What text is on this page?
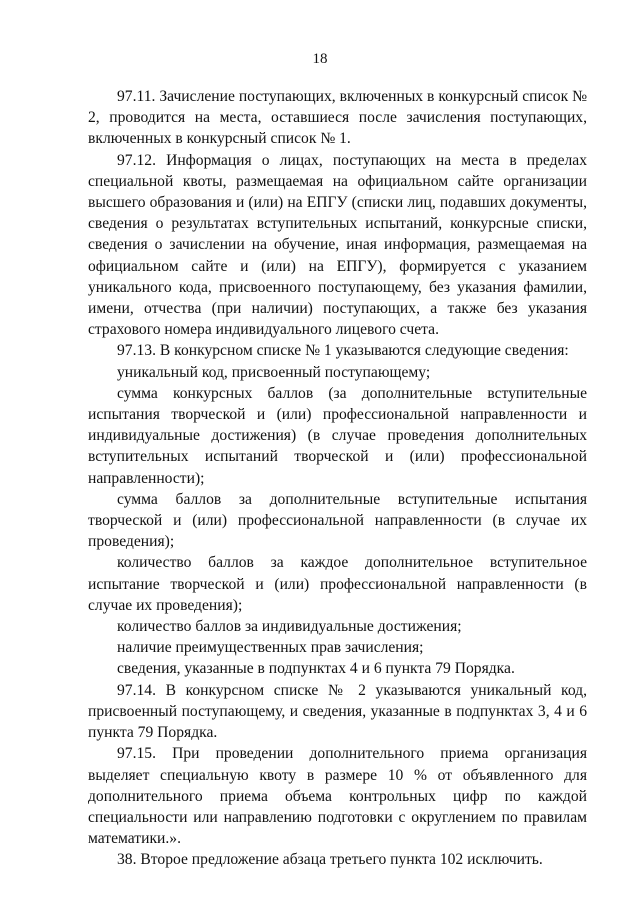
18

97.11. Зачисление поступающих, включенных в конкурсный список № 2, проводится на места, оставшиеся после зачисления поступающих, включенных в конкурсный список № 1.

97.12. Информация о лицах, поступающих на места в пределах специальной квоты, размещаемая на официальном сайте организации высшего образования и (или) на ЕПГУ (списки лиц, подавших документы, сведения о результатах вступительных испытаний, конкурсные списки, сведения о зачислении на обучение, иная информация, размещаемая на официальном сайте и (или) на ЕПГУ), формируется с указанием уникального кода, присвоенного поступающему, без указания фамилии, имени, отчества (при наличии) поступающих, а также без указания страхового номера индивидуального лицевого счета.

97.13. В конкурсном списке № 1 указываются следующие сведения:

уникальный код, присвоенный поступающему;

сумма конкурсных баллов (за дополнительные вступительные испытания творческой и (или) профессиональной направленности и индивидуальные достижения) (в случае проведения дополнительных вступительных испытаний творческой и (или) профессиональной направленности);

сумма баллов за дополнительные вступительные испытания творческой и (или) профессиональной направленности (в случае их проведения);

количество баллов за каждое дополнительное вступительное испытание творческой и (или) профессиональной направленности (в случае их проведения);

количество баллов за индивидуальные достижения;

наличие преимущественных прав зачисления;

сведения, указанные в подпунктах 4 и 6 пункта 79 Порядка.

97.14. В конкурсном списке № 2 указываются уникальный код, присвоенный поступающему, и сведения, указанные в подпунктах 3, 4 и 6 пункта 79 Порядка.

97.15. При проведении дополнительного приема организация выделяет специальную квоту в размере 10 % от объявленного для дополнительного приема объема контрольных цифр по каждой специальности или направлению подготовки с округлением по правилам математики.».

38. Второе предложение абзаца третьего пункта 102 исключить.
